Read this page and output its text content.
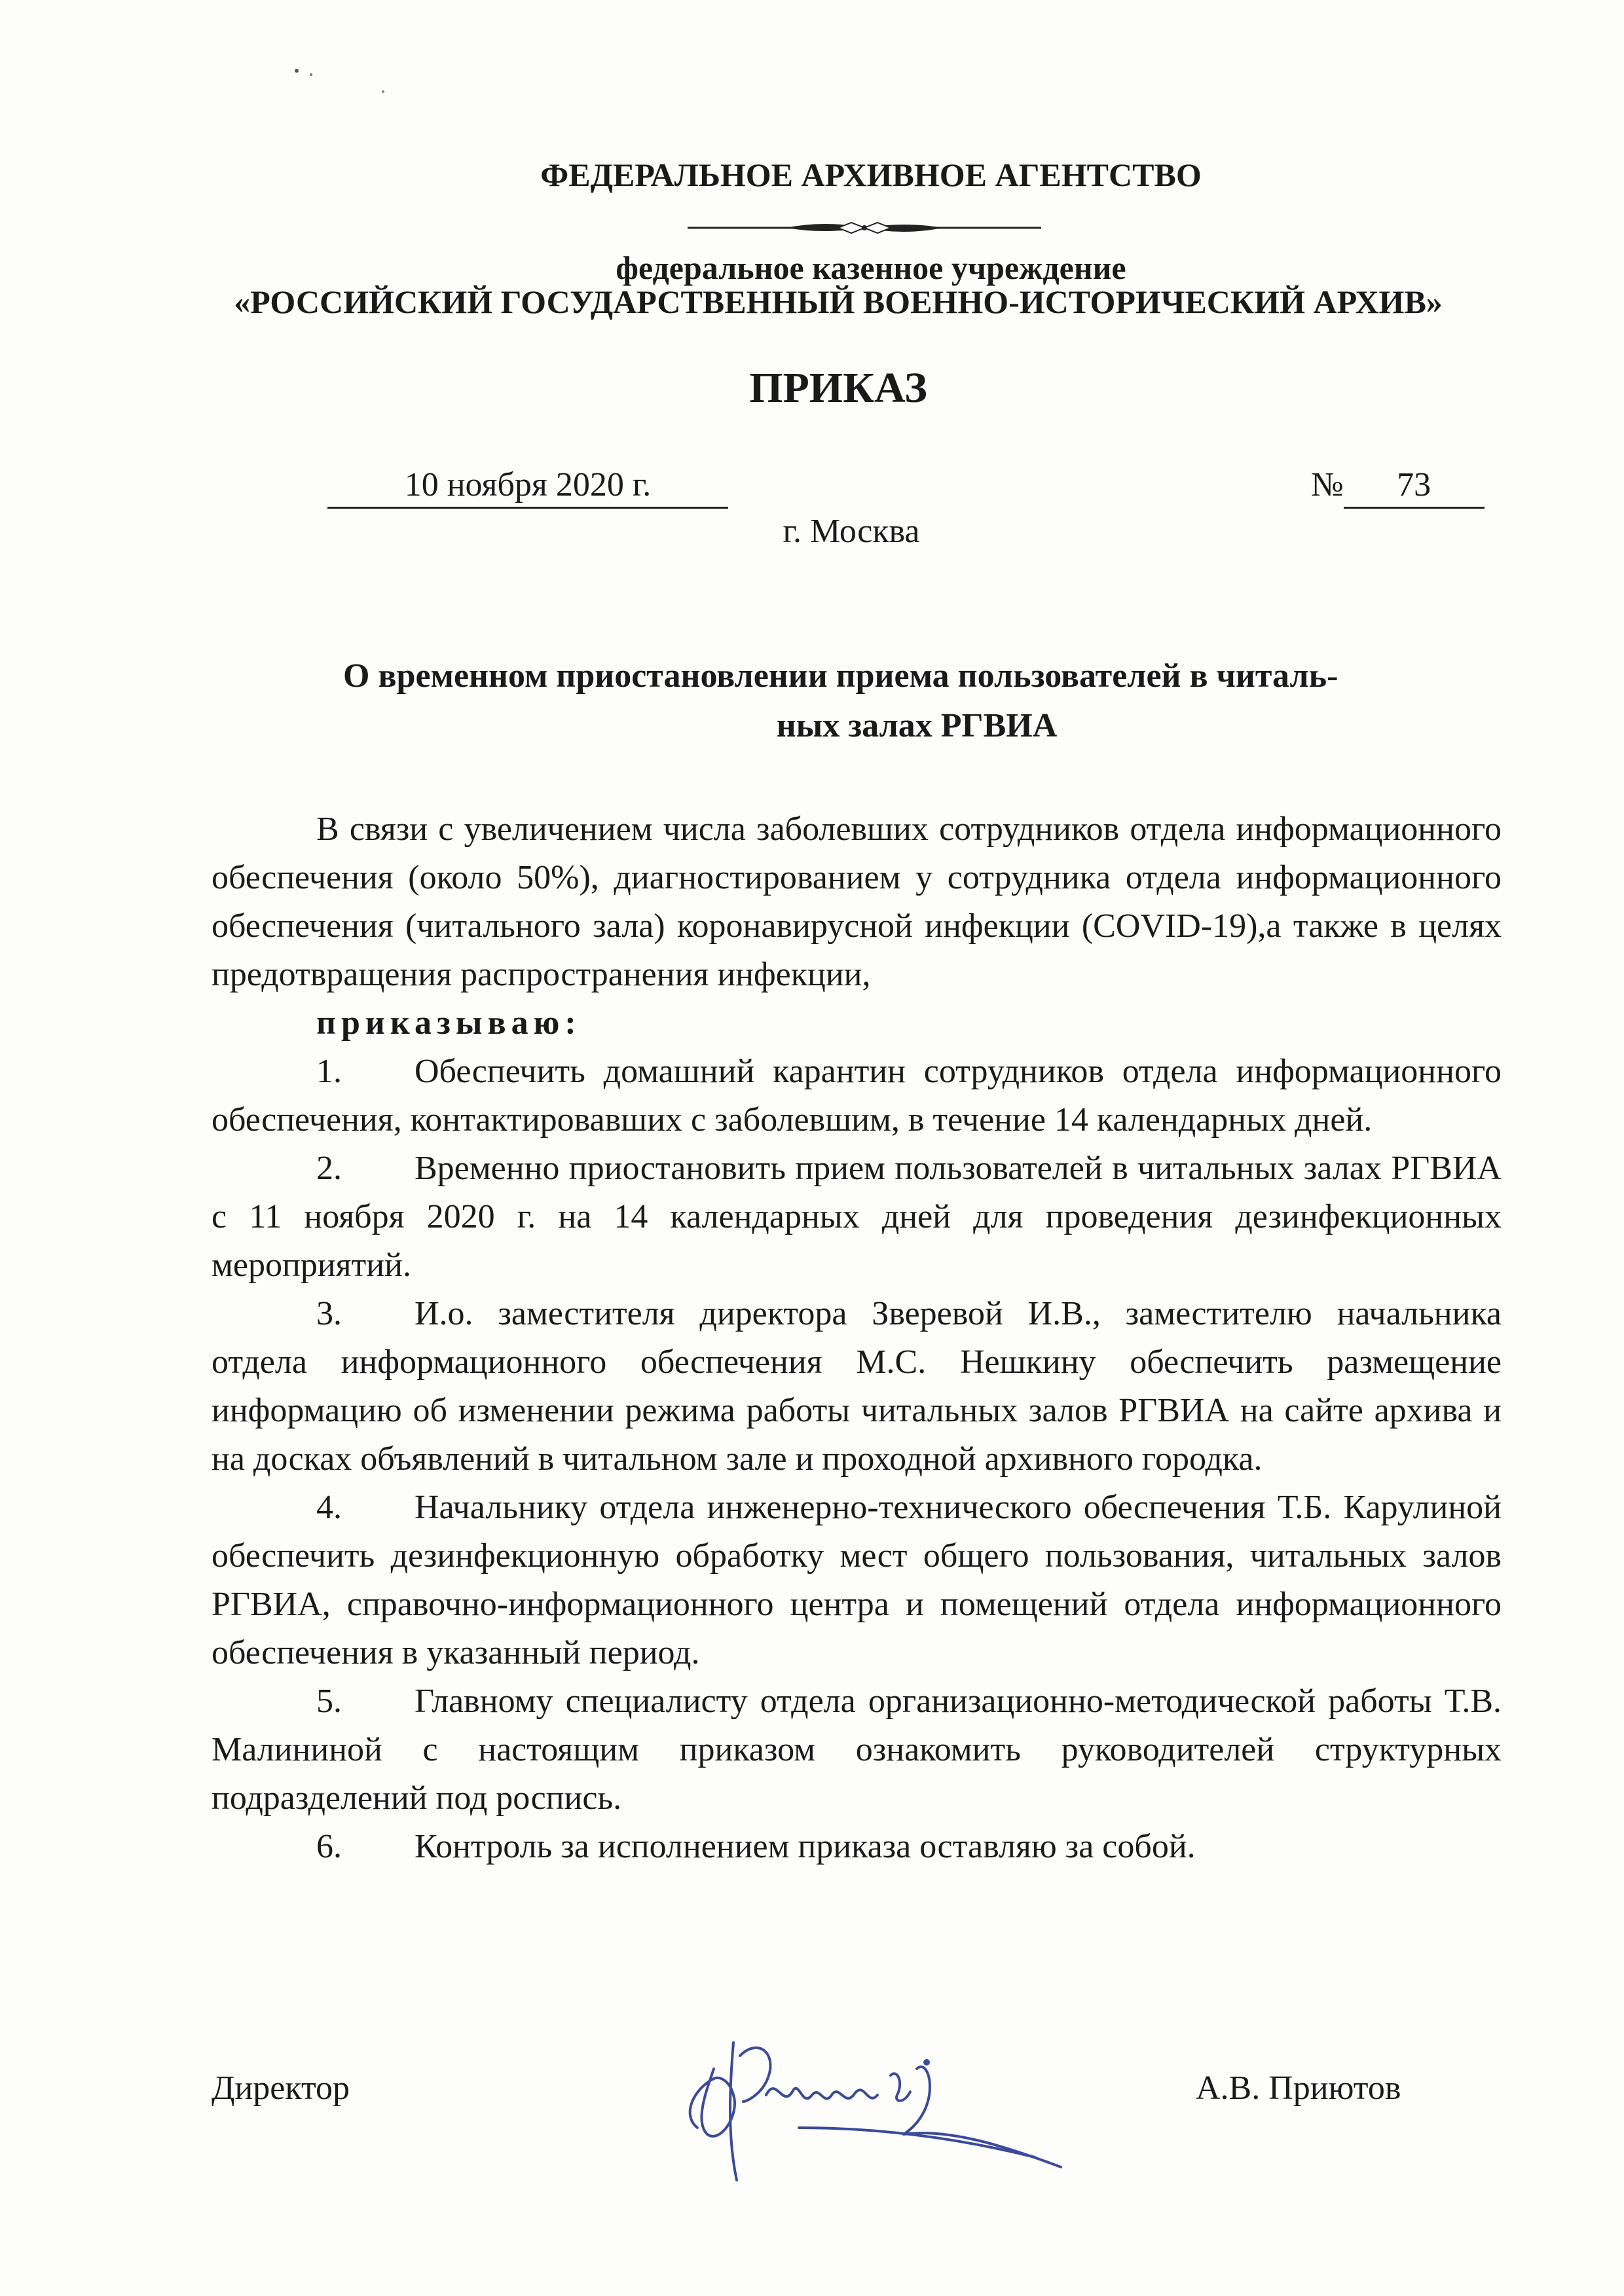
ФЕДЕРАЛЬНОЕ АРХИВНОЕ АГЕНТСТВО
федеральное казенное учреждение
«РОССИЙСКИЙ ГОСУДАРСТВЕННЫЙ ВОЕННО-ИСТОРИЧЕСКИЙ АРХИВ»
ПРИКАЗ
10 ноября 2020 г.	№ 73
г. Москва
О временном приостановлении приема пользователей в читаль-
ных залах РГВИА

В связи с увеличением числа заболевших сотрудников отдела информационного обеспечения (около 50%), диагностированием у сотрудника отдела информационного обеспечения (читального зала) коронавирусной инфекции (COVID-19),а также в целях предотвращения распространения инфекции,

приказываю:

1. Обеспечить домашний карантин сотрудников отдела информационного обеспечения, контактировавших с заболевшим, в течение 14 календарных дней.

2. Временно приостановить прием пользователей в читальных залах РГВИА с 11 ноября 2020 г. на 14 календарных дней для проведения дезинфекционных мероприятий.

3. И.о. заместителя директора Зверевой И.В., заместителю начальника отдела информационного обеспечения М.С. Нешкину обеспечить размещение информацию об изменении режима работы читальных залов РГВИА на сайте архива и на досках объявлений в читальном зале и проходной архивного городка.

4. Начальнику отдела инженерно-технического обеспечения Т.Б. Карулиной обеспечить дезинфекционную обработку мест общего пользования, читальных залов РГВИА, справочно-информационного центра и помещений отдела информационного обеспечения в указанный период.

5. Главному специалисту отдела организационно-методической работы Т.В. Малининой с настоящим приказом ознакомить руководителей структурных подразделений под роспись.

6. Контроль за исполнением приказа оставляю за собой.

Директор	А.В. Приютов
